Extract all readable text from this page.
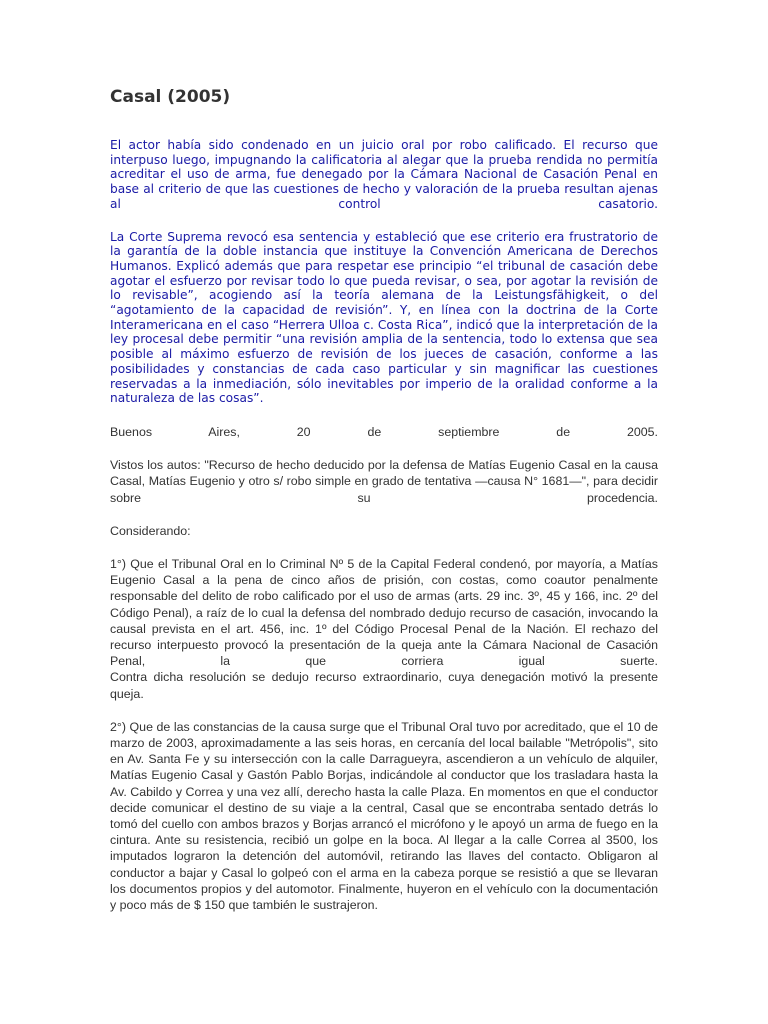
Casal (2005)

El actor había sido condenado en un juicio oral por robo calificado. El recurso que interpuso luego, impugnando la calificatoria al alegar que la prueba rendida no permitía acreditar el uso de arma, fue denegado por la Cámara Nacional de Casación Penal en base al criterio de que las cuestiones de hecho y valoración de la prueba resultan ajenas al control casatorio.

La Corte Suprema revocó esa sentencia y estableció que ese criterio era frustratorio de la garantía de la doble instancia que instituye la Convención Americana de Derechos Humanos. Explicó además que para respetar ese principio “el tribunal de casación debe agotar el esfuerzo por revisar todo lo que pueda revisar, o sea, por agotar la revisión de lo revisable”, acogiendo así la teoría alemana de la Leistungsfähigkeit, o del “agotamiento de la capacidad de revisión”. Y, en línea con la doctrina de la Corte Interamericana en el caso “Herrera Ulloa c. Costa Rica”, indicó que la interpretación de la ley procesal debe permitir “una revisión amplia de la sentencia, todo lo extensa que sea posible al máximo esfuerzo de revisión de los jueces de casación, conforme a las posibilidades y constancias de cada caso particular y sin magnificar las cuestiones reservadas a la inmediación, sólo inevitables por imperio de la oralidad conforme a la naturaleza de las cosas”.

Buenos Aires, 20 de septiembre de 2005.

Vistos los autos: "Recurso de hecho deducido por la defensa de Matías Eugenio Casal en la causa Casal, Matías Eugenio y otro s/ robo simple en grado de tentativa —causa N° 1681—", para decidir sobre su procedencia.

Considerando:

1°) Que el Tribunal Oral en lo Criminal Nº 5 de la Capital Federal condenó, por mayoría, a Matías Eugenio Casal a la pena de cinco años de prisión, con costas, como coautor penalmente responsable del delito de robo calificado por el uso de armas (arts. 29 inc. 3º, 45 y 166, inc. 2º del Código Penal), a raíz de lo cual la defensa del nombrado dedujo recurso de casación, invocando la causal prevista en el art. 456, inc. 1º del Código Procesal Penal de la Nación. El rechazo del recurso interpuesto provocó la presentación de la queja ante la Cámara Nacional de Casación Penal, la que corriera igual suerte.
Contra dicha resolución se dedujo recurso extraordinario, cuya denegación motivó la presente queja.

2°) Que de las constancias de la causa surge que el Tribunal Oral tuvo por acreditado, que el 10 de marzo de 2003, aproximadamente a las seis horas, en cercanía del local bailable "Metrópolis", sito en Av. Santa Fe y su intersección con la calle Darragueyra, ascendieron a un vehículo de alquiler, Matías Eugenio Casal y Gastón Pablo Borjas, indicándole al conductor que los trasladara hasta la Av. Cabildo y Correa y una vez allí, derecho hasta la calle Plaza. En momentos en que el conductor decide comunicar el destino de su viaje a la central, Casal que se encontraba sentado detrás lo tomó del cuello con ambos brazos y Borjas arrancó el micrófono y le apoyó un arma de fuego en la cintura. Ante su resistencia, recibió un golpe en la boca. Al llegar a la calle Correa al 3500, los imputados lograron la detención del automóvil, retirando las llaves del contacto. Obligaron al conductor a bajar y Casal lo golpeó con el arma en la cabeza porque se resistió a que se llevaran los documentos propios y del automotor. Finalmente, huyeron en el vehículo con la documentación y poco más de $ 150 que también le sustrajeron.
